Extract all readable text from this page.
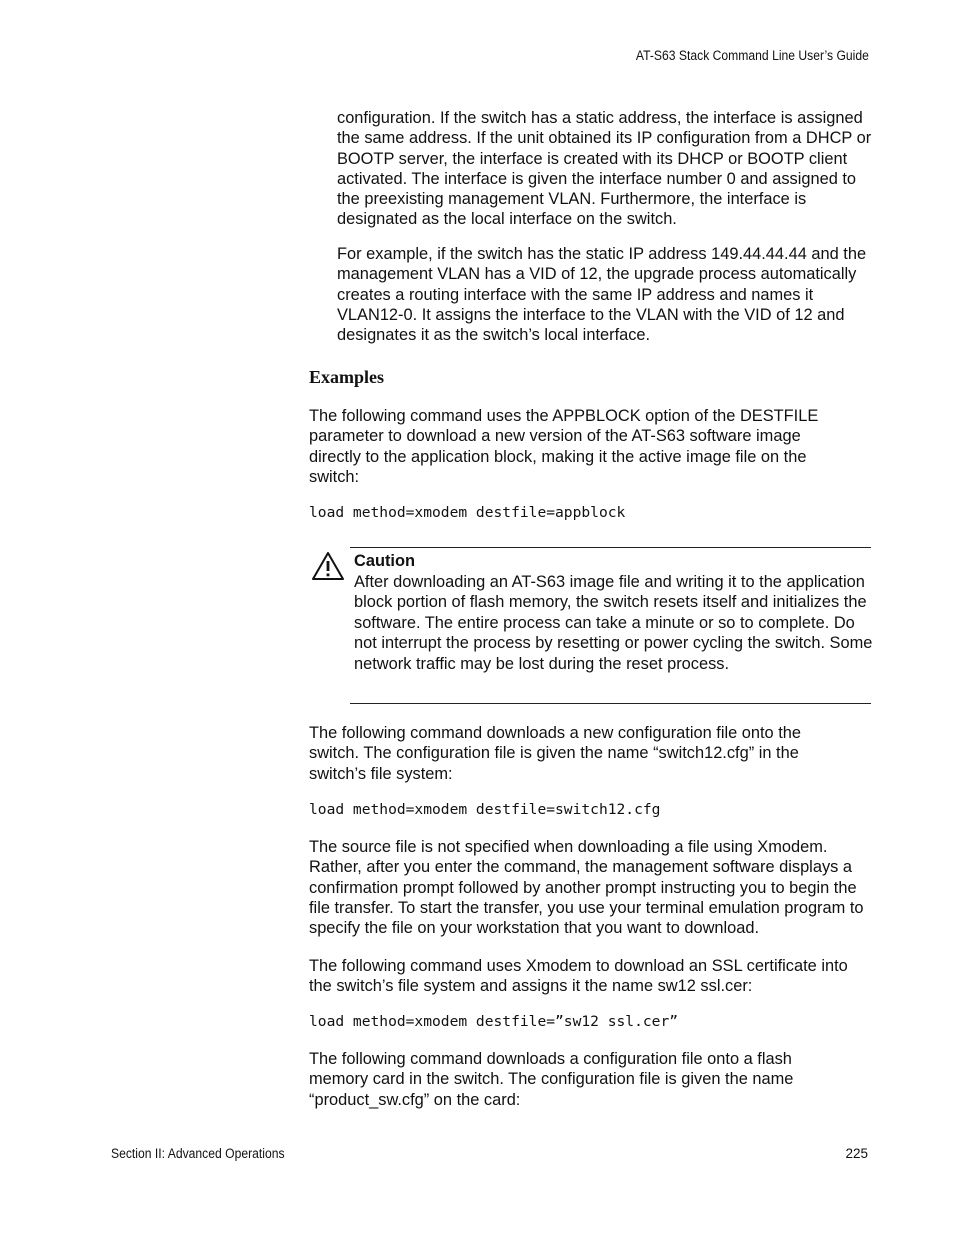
AT-S63 Stack Command Line User’s Guide

configuration. If the switch has a static address, the interface is assigned the same address. If the unit obtained its IP configuration from a DHCP or BOOTP server, the interface is created with its DHCP or BOOTP client activated. The interface is given the interface number 0 and assigned to the preexisting management VLAN. Furthermore, the interface is designated as the local interface on the switch.

For example, if the switch has the static IP address 149.44.44.44 and the management VLAN has a VID of 12, the upgrade process automatically creates a routing interface with the same IP address and names it VLAN12-0. It assigns the interface to the VLAN with the VID of 12 and designates it as the switch’s local interface.

Examples

The following command uses the APPBLOCK option of the DESTFILE parameter to download a new version of the AT-S63 software image directly to the application block, making it the active image file on the switch:

load method=xmodem destfile=appblock
Caution

After downloading an AT-S63 image file and writing it to the application block portion of flash memory, the switch resets itself and initializes the software. The entire process can take a minute or so to complete. Do not interrupt the process by resetting or power cycling the switch. Some network traffic may be lost during the reset process.

The following command downloads a new configuration file onto the switch. The configuration file is given the name “switch12.cfg” in the switch’s file system:

load method=xmodem destfile=switch12.cfg

The source file is not specified when downloading a file using Xmodem. Rather, after you enter the command, the management software displays a confirmation prompt followed by another prompt instructing you to begin the file transfer. To start the transfer, you use your terminal emulation program to specify the file on your workstation that you want to download.

The following command uses Xmodem to download an SSL certificate into the switch’s file system and assigns it the name sw12 ssl.cer:

load method=xmodem destfile=”sw12 ssl.cer”

The following command downloads a configuration file onto a flash memory card in the switch. The configuration file is given the name “product_sw.cfg” on the card:

Section II: Advanced Operations	225
